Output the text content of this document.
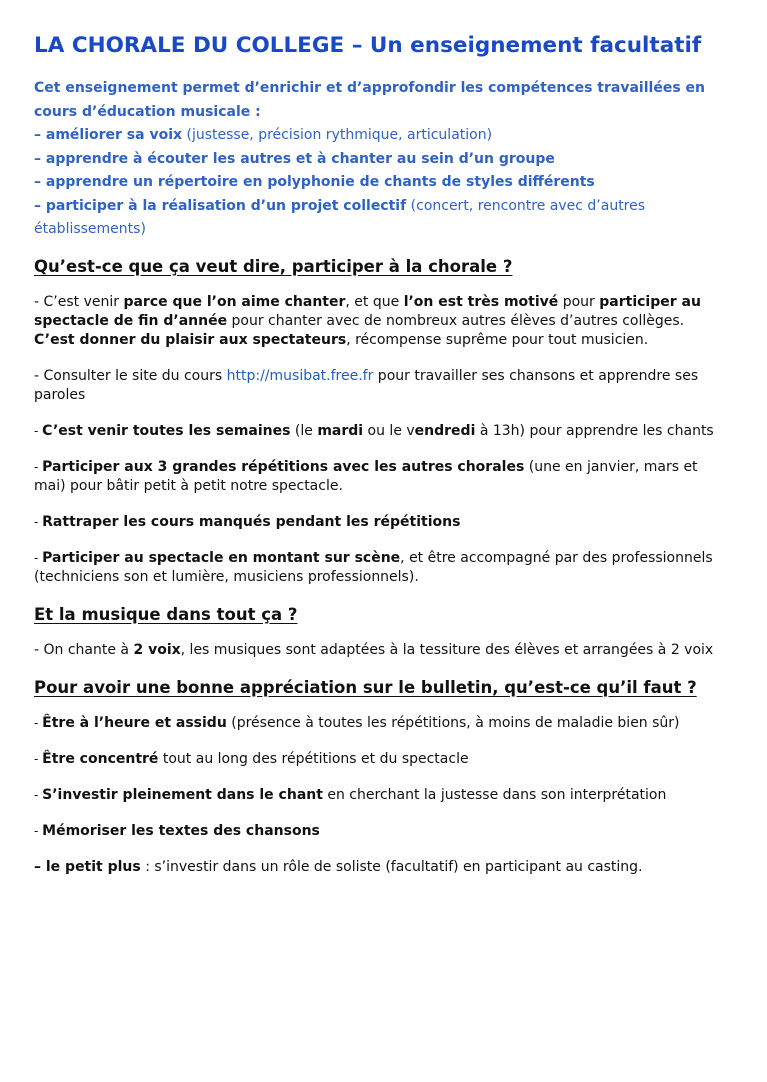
LA CHORALE DU COLLEGE – Un enseignement facultatif

Cet enseignement permet d’enrichir et d’approfondir les compétences travaillées en cours d’éducation musicale :

– améliorer sa voix (justesse, précision rythmique, articulation)

– apprendre à écouter les autres et à chanter au sein d’un groupe

– apprendre un répertoire en polyphonie de chants de styles différents

– participer à la réalisation d’un projet collectif (concert, rencontre avec d’autres établissements)

Qu’est-ce que ça veut dire, participer à la chorale ?

- C’est venir parce que l’on aime chanter, et que l’on est très motivé pour participer au spectacle de fin d’année pour chanter avec de nombreux autres élèves d’autres collèges. C’est donner du plaisir aux spectateurs, récompense suprême pour tout musicien.

- Consulter le site du cours http://musibat.free.fr pour travailler ses chansons et apprendre ses paroles

- C’est venir toutes les semaines (le mardi ou le vendredi à 13h) pour apprendre les chants

- Participer aux 3 grandes répétitions avec les autres chorales (une en janvier, mars et mai) pour bâtir petit à petit notre spectacle.

- Rattraper les cours manqués pendant les répétitions

- Participer au spectacle en montant sur scène, et être accompagné par des professionnels (techniciens son et lumière, musiciens professionnels).

Et la musique dans tout ça ?

- On chante à 2 voix, les musiques sont adaptées à la tessiture des élèves et arrangées à 2 voix

Pour avoir une bonne appréciation sur le bulletin, qu’est-ce qu’il faut ?

- Être à l’heure et assidu (présence à toutes les répétitions, à moins de maladie bien sûr)

- Être concentré tout au long des répétitions et du spectacle

- S’investir pleinement dans le chant en cherchant la justesse dans son interprétation

- Mémoriser les textes des chansons

– le petit plus : s’investir dans un rôle de soliste (facultatif) en participant au casting.
